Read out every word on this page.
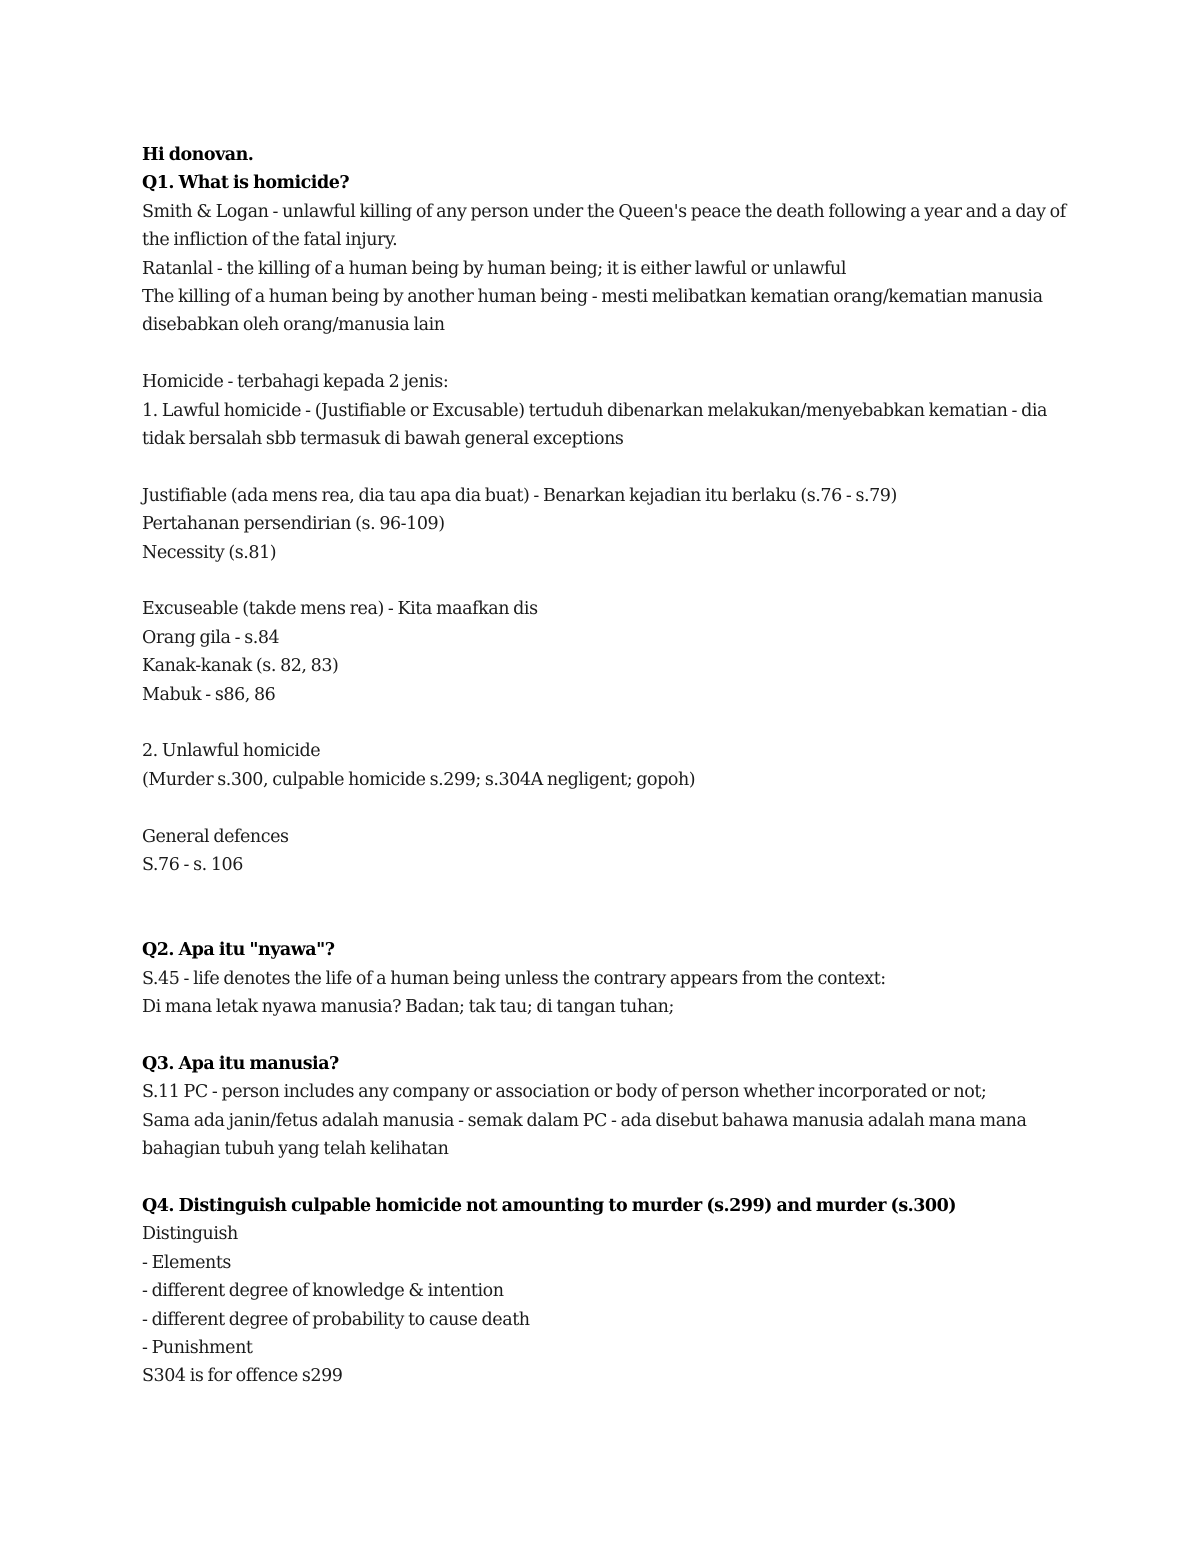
Hi donovan.

Q1. What is homicide?

Smith & Logan - unlawful killing of any person under the Queen's peace the death following a year and a day of the infliction of the fatal injury.

Ratanlal - the killing of a human being by human being; it is either lawful or unlawful

The killing of a human being by another human being - mesti melibatkan kematian orang/kematian manusia disebabkan oleh orang/manusia lain

Homicide - terbahagi kepada 2 jenis:

1. Lawful homicide - (Justifiable or Excusable) tertuduh dibenarkan melakukan/menyebabkan kematian - dia tidak bersalah sbb termasuk di bawah general exceptions

Justifiable (ada mens rea, dia tau apa dia buat) - Benarkan kejadian itu berlaku (s.76 - s.79)

Pertahanan persendirian (s. 96-109)

Necessity (s.81)

Excuseable (takde mens rea) - Kita maafkan dis

Orang gila - s.84

Kanak-kanak (s. 82, 83)

Mabuk - s86, 86

2. Unlawful homicide

(Murder s.300, culpable homicide s.299; s.304A negligent; gopoh)

General defences

S.76 - s. 106

Q2. Apa itu "nyawa"?

S.45 - life denotes the life of a human being unless the contrary appears from the context:

Di mana letak nyawa manusia? Badan; tak tau; di tangan tuhan;

Q3. Apa itu manusia?

S.11 PC - person includes any company or association or body of person whether incorporated or not;

Sama ada janin/fetus adalah manusia - semak dalam PC - ada disebut bahawa manusia adalah mana mana bahagian tubuh yang telah kelihatan

Q4. Distinguish culpable homicide not amounting to murder (s.299) and murder (s.300)

Distinguish

- Elements

- different degree of knowledge & intention

- different degree of probability to cause death

- Punishment

S304 is for offence s299
